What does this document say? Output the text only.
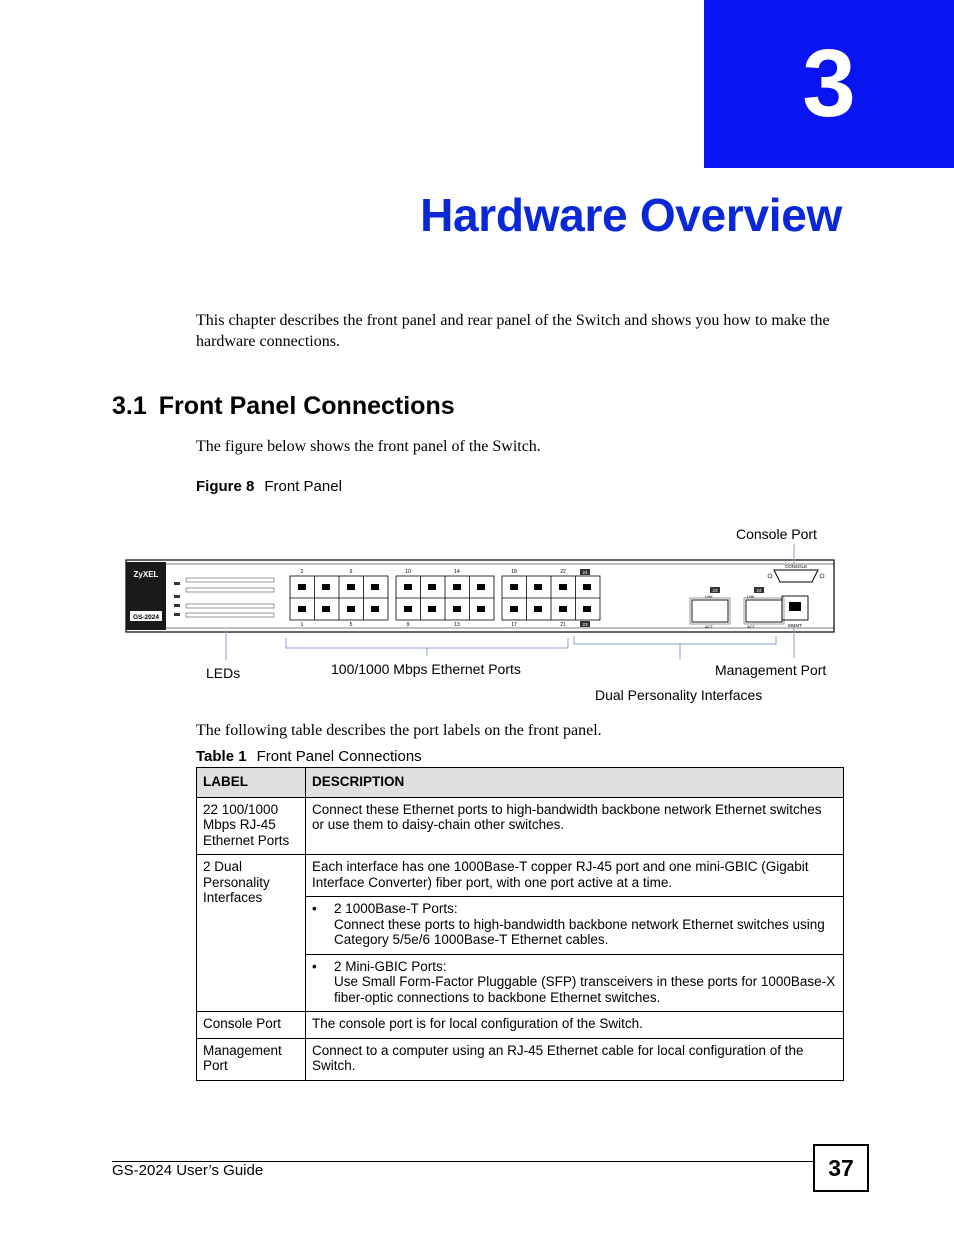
3
Hardware Overview
This chapter describes the front panel and rear panel of the Switch and shows you how to make the hardware connections.
3.1 Front Panel Connections
The figure below shows the front panel of the Switch.
Figure 8 Front Panel
Console Port
LEDs	100/1000 Mbps Ethernet Ports	Management Port
Dual Personality Interfaces
ZyXEL
GS-2024
2	6	10	14	18	22
1	5	9	13	17	21
24
23
23	24
LNK
ACT
LNK
ACT
CONSOLE
MGMT
The following table describes the port labels on the front panel.
Table 1 Front Panel Connections
LABEL	DESCRIPTION
22 100/1000 Mbps RJ-45 Ethernet Ports	Connect these Ethernet ports to high-bandwidth backbone network Ethernet switches or use them to daisy-chain other switches.
2 Dual Personality Interfaces	Each interface has one 1000Base-T copper RJ-45 port and one mini-GBIC (Gigabit Interface Converter) fiber port, with one port active at a time.

	• 2 1000Base-T Ports:
Connect these ports to high-bandwidth backbone network Ethernet switches using Category 5/5e/6 1000Base-T Ethernet cables.

	• 2 Mini-GBIC Ports:
Use Small Form-Factor Pluggable (SFP) transceivers in these ports for 1000Base-X fiber-optic connections to backbone Ethernet switches.

Console Port	The console port is for local configuration of the Switch.
Management Port	Connect to a computer using an RJ-45 Ethernet cable for local configuration of the Switch.
GS-2024 User’s Guide	37
